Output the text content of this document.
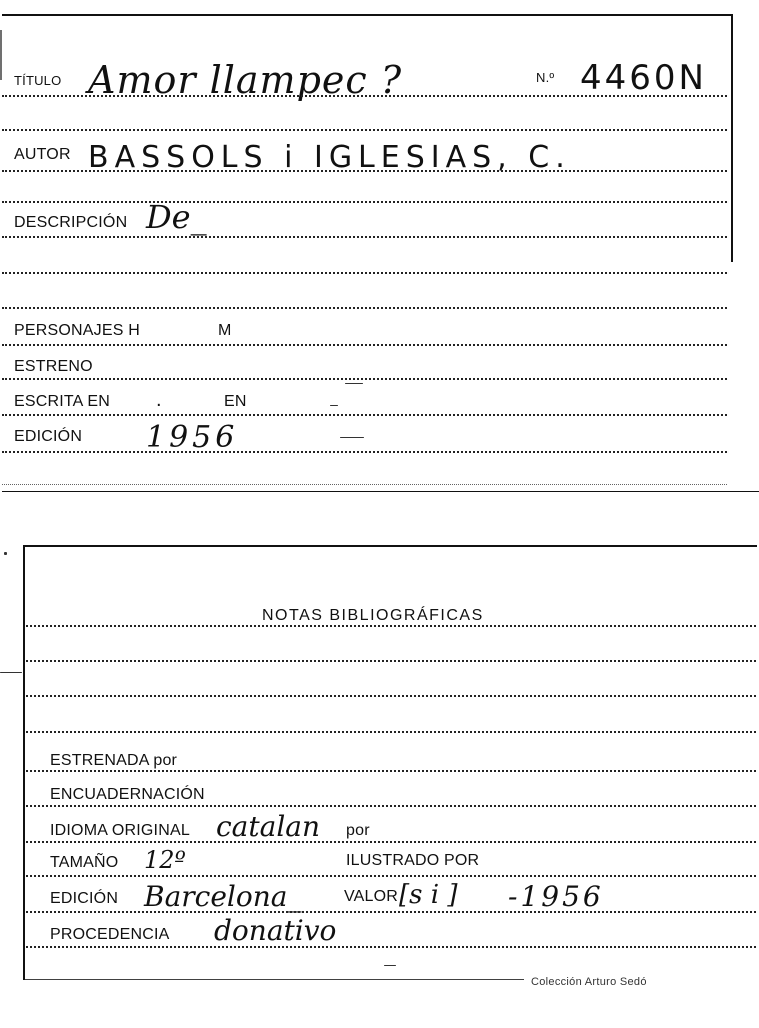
TÍTULO Amor llampec ?	N.º 4460N
AUTOR BASSOLS i IGLESIAS, C.
DESCRIPCIÓN De_
PERSONAJES H	M
ESTRENO
ESCRITA EN .	EN
EDICIÓN 1956
NOTAS BIBLIOGRÁFICAS
ESTRENADA por
ENCUADERNACIÓN
IDIOMA ORIGINAL catalan por
TAMAÑO 12º	ILUSTRADO POR
EDICIÓN Barcelona_	VALOR [s i ] -1956
PROCEDENCIA donativo
Colección Arturo Sedó
